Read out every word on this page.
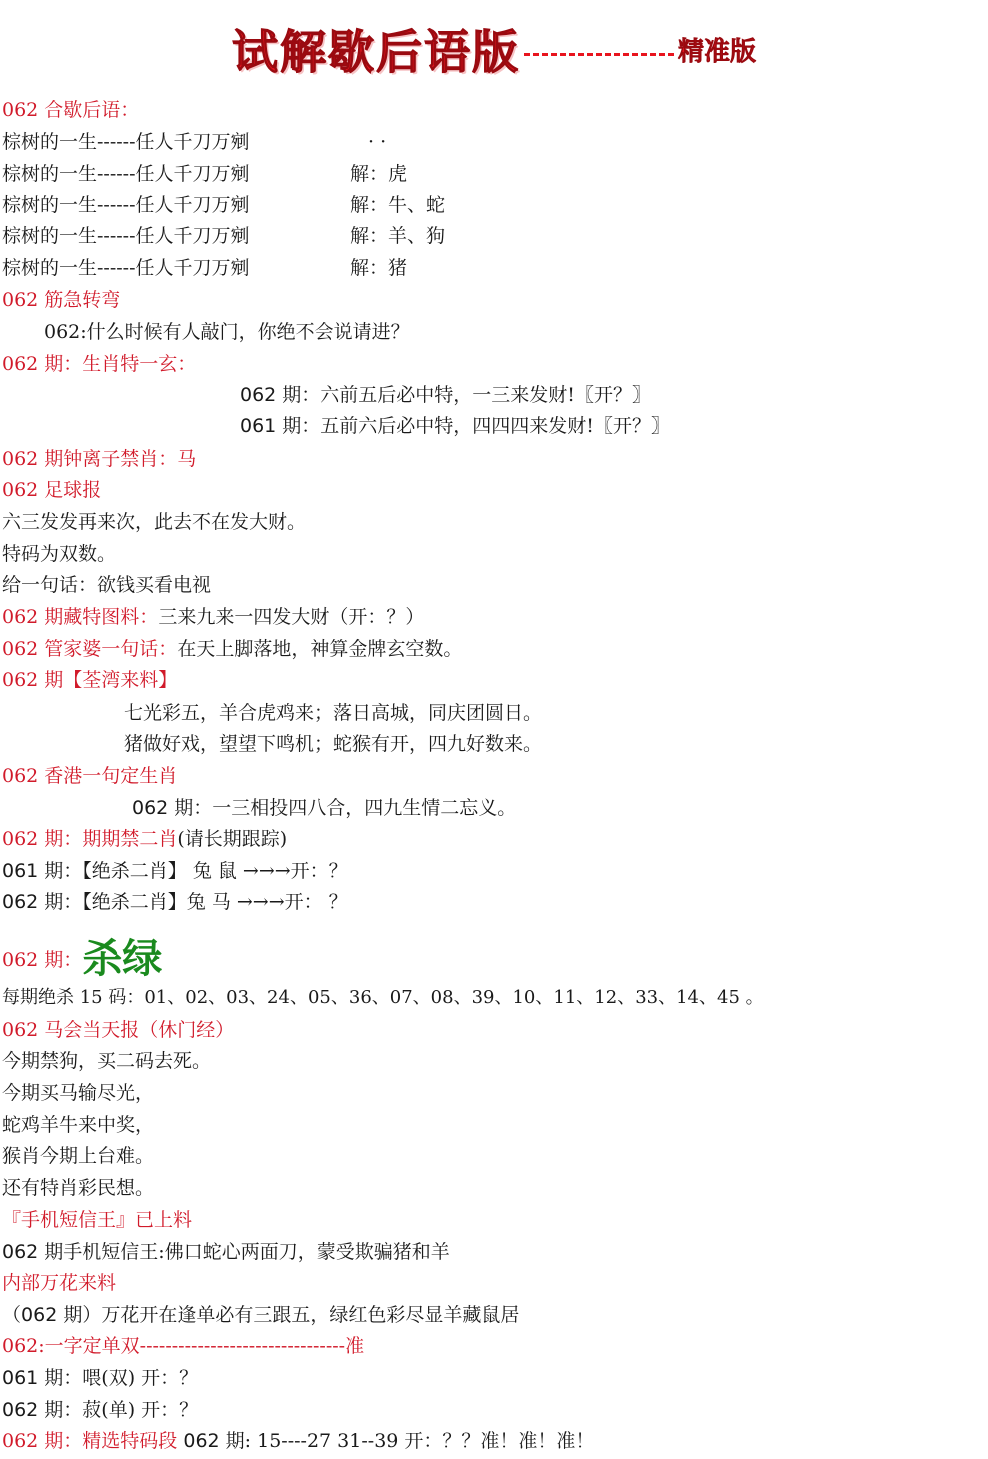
试解歇后语版	精准版
062 合歇后语：
棕树的一生------任人千刀万剜	· ·
棕树的一生------任人千刀万剜	解：虎
棕树的一生------任人千刀万剜	解：牛、蛇
棕树的一生------任人千刀万剜	解：羊、狗
棕树的一生------任人千刀万剜	解：猪
062 筋急转弯
062:什么时候有人敲门，你绝不会说请进？
062 期：生肖特一玄：
062 期：六前五后必中特，一三来发财!〖开？〗
061 期：五前六后必中特，四四四来发财!〖开？〗
062 期钟离子禁肖：马
062 足球报
六三发发再来次，此去不在发大财。
特码为双数。
给一句话：欲钱买看电视
062 期藏特图料：三来九来一四发大财（开：？）
062 管家婆一句话：在天上脚落地，神算金牌玄空数。
062 期【荃湾来料】
七光彩五，羊合虎鸡来；落日高城，同庆团圆日。
猪做好戏，望望下鸣机；蛇猴有开，四九好数来。
062 香港一句定生肖
062 期：一三相投四八合，四九生情二忘义。
062 期：期期禁二肖(请长期跟踪)
061 期：【绝杀二肖】 兔 鼠 →→→开：？
062 期：【绝杀二肖】兔 马 →→→开： ？
062 期：杀绿
每期绝杀 15 码：01、02、03、24、05、36、07、08、39、10、11、12、33、14、45 。
062 马会当天报（休门经）
今期禁狗，买二码去死。
今期买马输尽光，
蛇鸡羊牛来中奖，
猴肖今期上台难。
还有特肖彩民想。
『手机短信王』已上料
062 期手机短信王:佛口蛇心两面刀，蒙受欺骗猪和羊
内部万花来料
（062 期）万花开在逢单必有三跟五，绿红色彩尽显羊藏鼠居
062:一字定单双--------------------------------准
061 期：喂(双) 开：？
062 期：菽(单) 开：？
062 期：精选特码段 062 期: 15----27 31--39 开：？？准！准！准！
